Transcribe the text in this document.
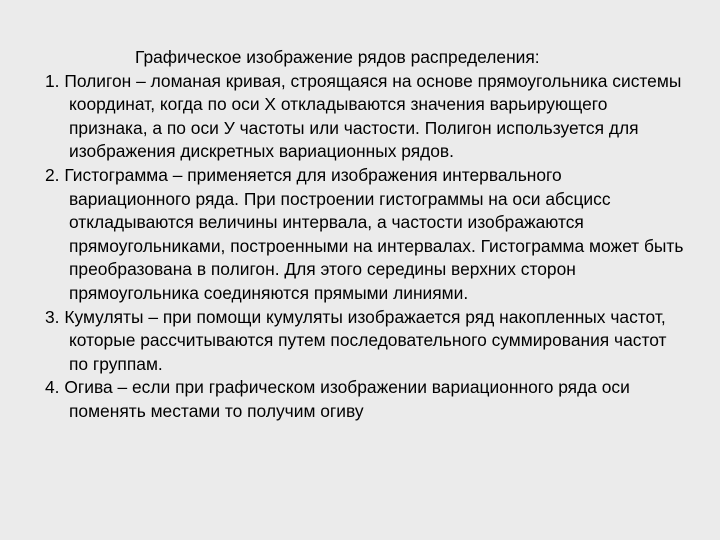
Графическое изображение рядов распределения:

1. Полигон – ломаная кривая, строящаяся на основе прямоугольника системы координат, когда по оси Х откладываются значения варьирующего признака, а по оси У частоты или частости. Полигон используется для изображения дискретных вариационных рядов.

2. Гистограмма – применяется для изображения интервального вариационного ряда. При построении гистограммы на оси абсцисс откладываются величины интервала, а частости изображаются прямоугольниками, построенными на интервалах. Гистограмма может быть преобразована в полигон. Для этого середины верхних сторон прямоугольника соединяются прямыми линиями.

3. Кумуляты – при помощи кумуляты изображается ряд накопленных частот, которые рассчитываются путем последовательного суммирования частот по группам.

4. Огива – если при графическом изображении вариационного ряда оси поменять местами то получим огиву
